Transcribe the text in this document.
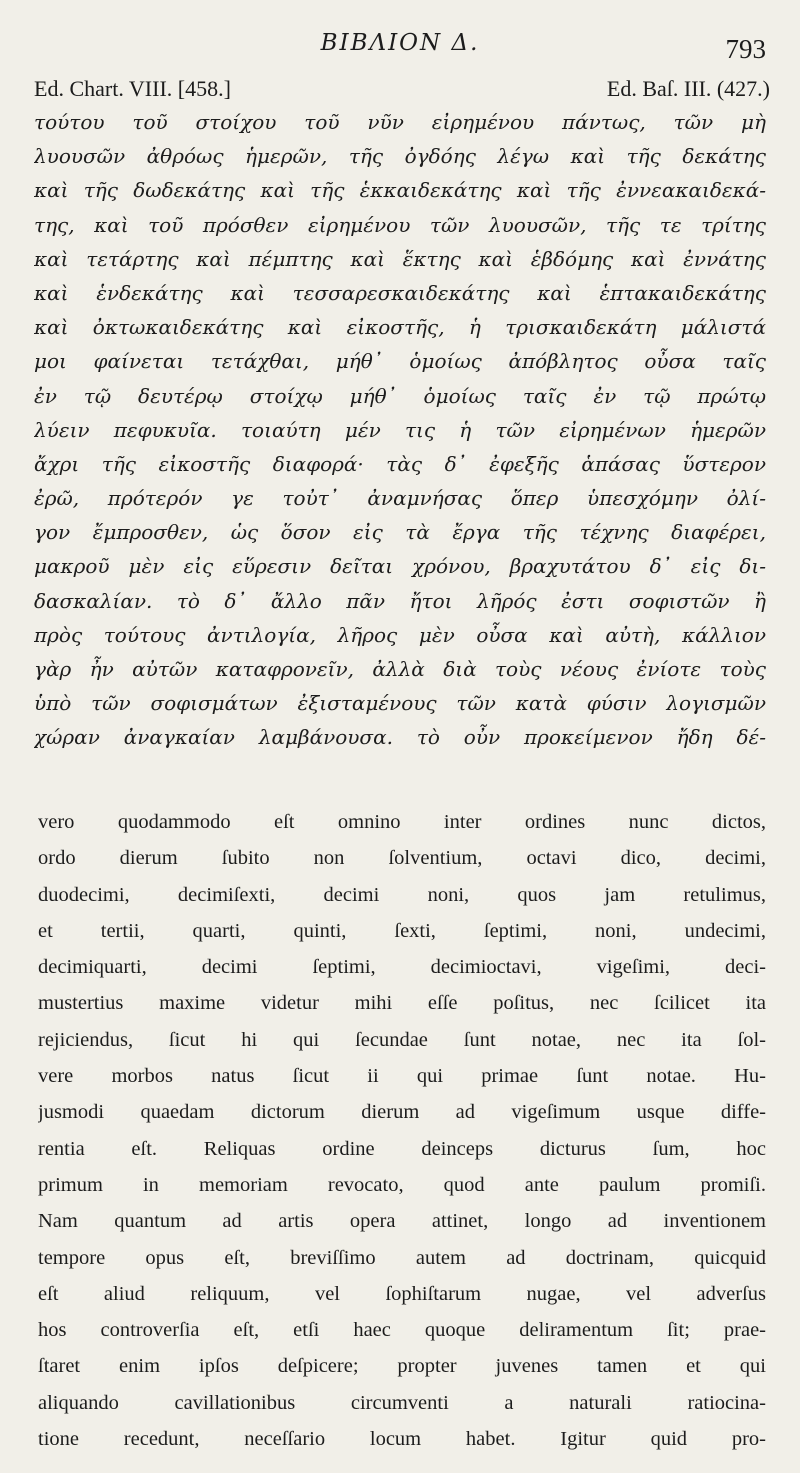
ΒΙΒΛΙΟΝ Δ.	793
Ed. Chart. VIII. [458.]	Ed. Baſ. III. (427.)
τούτου τοῦ στοίχου τοῦ νῦν εἰρημένου πάντως, τῶν μὴ
λυουσῶν ἀθρόως ἡμερῶν, τῆς ὀγδόης λέγω καὶ τῆς δεκάτης
καὶ τῆς δωδεκάτης καὶ τῆς ἑκκαιδεκάτης καὶ τῆς ἐννεακαιδεκά-
της, καὶ τοῦ πρόσθεν εἰρημένου τῶν λυουσῶν, τῆς τε τρίτης
καὶ τετάρτης καὶ πέμπτης καὶ ἕκτης καὶ ἑβδόμης καὶ ἐννάτης
καὶ ἑνδεκάτης καὶ τεσσαρεσκαιδεκάτης καὶ ἑπτακαιδεκάτης
καὶ ὀκτωκαιδεκάτης καὶ εἰκοστῆς, ἡ τρισκαιδεκάτη μάλιστά
μοι φαίνεται τετάχθαι, μήθ᾽ ὁμοίως ἀπόβλητος οὖσα ταῖς
ἐν τῷ δευτέρῳ στοίχῳ μήθ᾽ ὁμοίως ταῖς ἐν τῷ πρώτῳ
λύειν πεφυκυῖα. τοιαύτη μέν τις ἡ τῶν εἰρημένων ἡμερῶν
ἄχρι τῆς εἰκοστῆς διαφορά· τὰς δ᾽ ἐφεξῆς ἁπάσας ὕστερον
ἐρῶ, πρότερόν γε τοὐτ᾽ ἀναμνήσας ὅπερ ὑπεσχόμην ὀλί-
γον ἔμπροσθεν, ὡς ὅσον εἰς τὰ ἔργα τῆς τέχνης διαφέρει,
μακροῦ μὲν εἰς εὕρεσιν δεῖται χρόνου, βραχυτάτου δ᾽ εἰς δι-
δασκαλίαν. τὸ δ᾽ ἄλλο πᾶν ἤτοι λῆρός ἐστι σοφιστῶν ἢ
πρὸς τούτους ἀντιλογία, λῆρος μὲν οὖσα καὶ αὐτὴ, κάλλιον
γὰρ ἦν αὐτῶν καταφρονεῖν, ἀλλὰ διὰ τοὺς νέους ἐνίοτε τοὺς
ὑπὸ τῶν σοφισμάτων ἐξισταμένους τῶν κατὰ φύσιν λογισμῶν
χώραν ἀναγκαίαν λαμβάνουσα. τὸ οὖν προκείμενον ἤδη δέ-
vero quodammodo eſt omnino inter ordines nunc dictos,
ordo dierum ſubito non ſolventium, octavi dico, decimi,
duodecimi, decimiſexti, decimi noni, quos jam retulimus,
et tertii, quarti, quinti, ſexti, ſeptimi, noni, undecimi,
decimiquarti, decimi ſeptimi, decimioctavi, vigeſimi, deci-
mustertius maxime videtur mihi eſſe poſitus, nec ſcilicet ita
rejiciendus, ſicut hi qui ſecundae ſunt notae, nec ita ſol-
vere morbos natus ſicut ii qui primae ſunt notae. Hu-
jusmodi quaedam dictorum dierum ad vigeſimum usque diffe-
rentia eſt. Reliquas ordine deinceps dicturus ſum, hoc
primum in memoriam revocato, quod ante paulum promiſi.
Nam quantum ad artis opera attinet, longo ad inventionem
tempore opus eſt, breviſſimo autem ad doctrinam, quicquid
eſt aliud reliquum, vel ſophiſtarum nugae, vel adverſus
hos controverſia eſt, etſi haec quoque deliramentum ſit; prae-
ſtaret enim ipſos deſpicere; propter juvenes tamen et qui
aliquando cavillationibus circumventi a naturali ratiocina-
tione recedunt, neceſſario locum habet. Igitur quid pro-
